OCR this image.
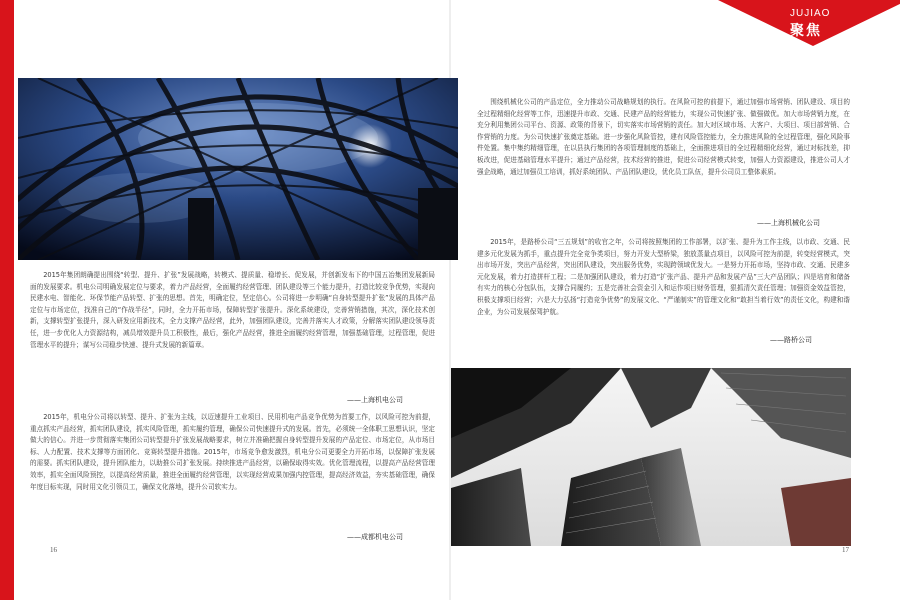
JUJIAO
聚焦
2015年集团朗确提出围绕“转型、提升、扩张”发展战略，转模式、提质量、稳增长、促发展，并创新发布下的中国五冶集团发展新局面的发展要求。机电公司明确发展定位与要求，着力产品经营，全面履约经营管理、团队建设等三个能力提升，打造比较竞争优势，实现向民建水电、智能化、环保节能产品转型、扩张的思想。首先，明确定位，坚定信心。公司将进一步明确“自身转型提升扩张”发展的具体产品定位与市场定位，找准自己的“作战半径”，同时，全力开拓市场，保障转型扩张提升。深化系统建设，完善营销措施，其次，深化技术创新，支撑转型扩张提升，深入研发应用新技术，全力支撑产品经营，此外，加强团队建设，完善并落实人才政策，分解落实团队建设领导责任，进一步优化人力资源结构，减员增效提升员工积极性，最后，强化产品经营，推进全面履约经营管理，加强基础管理，过程管理，促进管理水平的提升；谋写公司稳步快速、提升式发展的新篇章。
——上海机电公司
2015年，机电分公司将以转型、提升、扩张为主线，以迈速提升工业项目、民用机电产品竞争优势为首要工作，以风险可控为前提，重点抓实产品经营，抓实团队建设，抓实风险管理，抓实履约管理，确保公司快速提升式的发展。首先，必须统一全体职工思想认识，坚定做大的信心。并进一步贯彻落实集团公司转型提升扩张发展战略要求，树立并准确把握自身转型提升发展的产品定位、市场定位，从市场目标、人力配置、技术支撑等方面团化、竞赛转型提升措施。2015年，市场竞争愈发激烈，机电分公司更要全力开拓市场，以保障扩张发展的需要。抓实团队建设，提升团队能力，以助推公司扩张发展。持续推进产品经营，以确保取得实效。优化管理流程，以提高产品经营管理效率，抓实全面风险预控，以提高经营质量，推进全面履约经营管理，以实现经营成果加强内控管理，提高经济效益，夯实基础管理，确保年度目标实现，同时用文化引领员工，确保文化落地，提升公司软实力。
——成都机电公司
16
围绕机械化公司的产品定位，全力推动公司战略规划的执行。在风险可控的前提下，通过加强市场营销、团队建设、项目的全过程精细化经营等工作，迅速提升市政、交通、民建产品的经营能力，实现公司快速扩张、做强做优。加大市场营销力度，在充分利用集团公司平台、资源、政策的背景下，切实落实市场营销的责任。加大对区域市场、大客户、大项目、项目部营销、合作营销的力度。为公司快速扩张奠定基础。进一步强化风险管控，建有风险管控能力，全力推进风险的全过程管理，强化风险事件处置。集中集约精细管理，在以县执行集团的各项管理制度的基础上，全面推进项目的全过程精细化经营，通过对标找差，抑板改进，促进基础管理水平提升；通过产品经营，技术经营的推进，促进公司经营模式转变，加强人力资源建设，推进公司人才强企战略，通过加强员工培训，抓好系统团队、产品团队建设，优化员工队伍，提升公司员工整体素质。
——上海机械化公司
2015年，是路桥公司“三五规划”的收官之年，公司将按照集团的工作部署，以扩张、提升为工作主线，以市政、交通、民建多元化发展为抓手，重点提升完全竞争类项目，努力开发大型桥梁，独放蒸量点项目，以风险可控为前提，转变经营模式，突出市场开发，突出产品经营，突出团队建设，突出服务优势，实现跨领域优发大。一是努力开拓市场，坚持市政、交通、民建多元化发展，着力打造拼杆工程；二是加强团队建设，着力打造“扩张产品、提升产品和发展产品”三大产品团队；四是培育和储备有实力的核心分包队伍，支撑合同履约；五是完善社会资金引入和运作项目财务管理，狠抓清欠责任管理；加强资金效益管控，积极支撑项目经营；六是大力弘扬“打造竞争优势”的发展文化、“严谨制实”的管理文化和“敢担当着行效”的责任文化，构建和谐企业，为公司发展保驾护航。
——路桥公司
17
